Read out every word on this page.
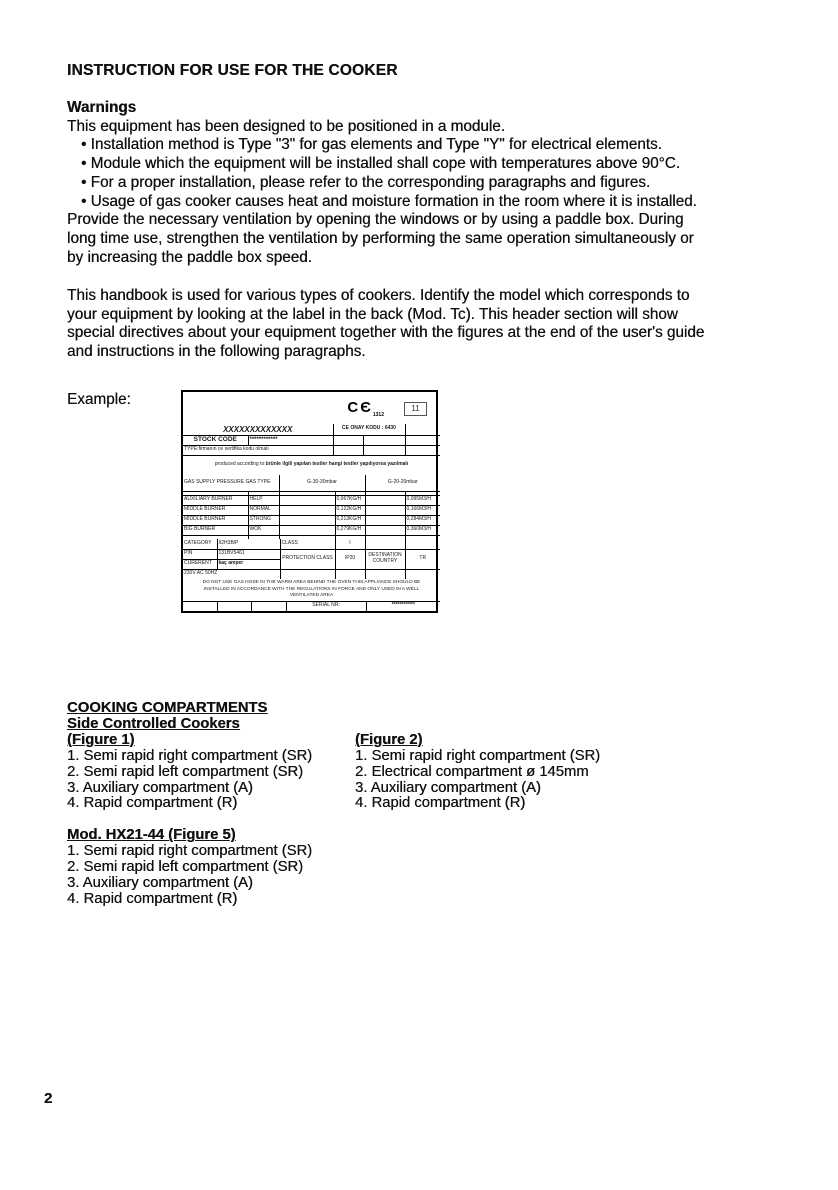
INSTRUCTION FOR USE FOR THE COOKER
Warnings
This equipment has been designed to be positioned in a module.
• Installation method is Type "3" for gas elements and Type "Y" for electrical elements.
• Module which the equipment will be installed shall cope with temperatures above 90°C.
• For a proper installation, please refer to the corresponding paragraphs and figures.
• Usage of gas cooker causes heat and moisture formation in the room where it is installed.
Provide the necessary ventilation by opening the windows or by using a paddle box. During
long time use, strengthen the ventilation by performing the same operation simultaneously or
by increasing the paddle box speed.
This handbook is used for various types of cookers. Identify the model which corresponds to
your equipment by looking at the label in the back (Mod. Tc). This header section will show
special directives about your equipment together with the figures at the end of the user's guide
and instructions in the following paragraphs.
Example:	$CЄ_{1312}$
11
XXXXXXXXXXXXX		CE ONAY KODU : 6430		
STOCK CODE	************			
TYPE:firmanın ce sertifika kodu olmalı				
produced according to:ürünle ilgili yapılan testler hangi testler yapılıyorsa yazılmalı				
GAS SUPPLY PRESSURE GAS TYPE		G-30-30mbar		G-20-20mbar	

AUXILIARY BURNER	HELP		0,067KG/H		0,095M3/H
MIDDLE BURNER	NORMAL		0,122KG/H		0,166M3/H
MIDDLE BURNER	STRONG		0,213KG/H		0,284M3/H
BIG BURNER	WOK		0,279KG/H		0,360M3/H

CATEGORY	II2H3B/P	CLASS	I		
PIN	131BV5461	PROTECTION CLASS	IP20	DESTINATION COUNTRY	TR
CURERENT	kaç amper				
230V AC 50HZ					
DO NOT USE GAS HOSE IN THE WARM AREA BEHIND THE OVEN THIS APPLIANCE SHOULD BE
INSTALLED IN ACCORDANCE WITH THE REGULATIONS IN FORCE AND ONLY USED IN A WELL
VENTILATED AREA

			SERIAL NR:	************
COOKING COMPARTMENTS
Side Controlled Cookers
(Figure 1)
1. Semi rapid right compartment (SR)
2. Semi rapid left compartment (SR)
3. Auxiliary compartment (A)
4. Rapid compartment (R)
(Figure 2)
1. Semi rapid right compartment (SR)
2. Electrical compartment ø 145mm
3. Auxiliary compartment (A)
4. Rapid compartment (R)
Mod. HX21-44 (Figure 5)
1. Semi rapid right compartment (SR)
2. Semi rapid left compartment (SR)
3. Auxiliary compartment (A)
4. Rapid compartment (R)
2
